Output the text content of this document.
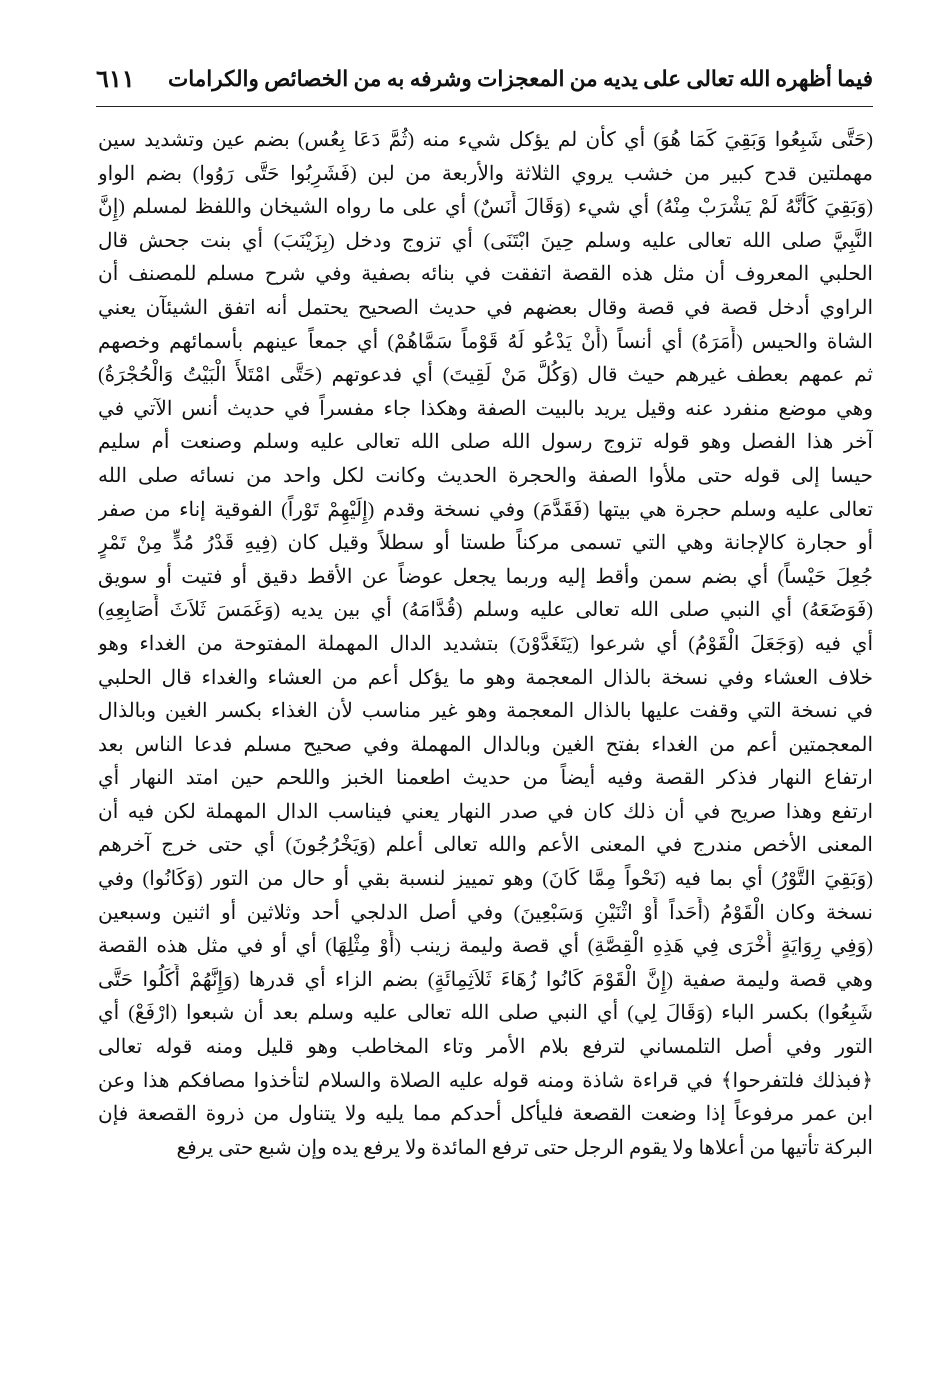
فيما أظهره الله تعالى على يديه من المعجزات وشرفه به من الخصائص والكرامات
٦١١
(حَتَّى شَبِعُوا وَبَقِيَ كَمَا هُوَ) أي كأن لم يؤكل شيء منه (ثُمَّ دَعَا بِعُس) بضم عين وتشديد سين
مهملتين قدح كبير من خشب يروي الثلاثة والأربعة من لبن (فَشَرِبُوا حَتَّى رَوُوا) بضم الواو
(وَبَقِيَ كَأَنَّهُ لَمْ يَشْرَبْ مِنْهُ) أي شيء (وَقَالَ أَنَسٌ) أي على ما رواه الشيخان واللفظ لمسلم (إِنَّ
النَّبِيَّ صلى الله تعالى عليه وسلم حِينَ ابْتَنَى) أي تزوج ودخل (بِزَيْنَبَ) أي بنت جحش قال
الحلبي المعروف أن مثل هذه القصة اتفقت في بنائه بصفية وفي شرح مسلم للمصنف أن
الراوي أدخل قصة في قصة وقال بعضهم في حديث الصحيح يحتمل أنه اتفق الشيئآن يعني
الشاة والحيس (أَمَرَهُ) أي أنساً (أَنْ يَدْعُو لَهُ قَوْماً سَمَّاهُمْ) أي جمعاً عينهم بأسمائهم وخصهم
ثم عمهم بعطف غيرهم حيث قال (وَكُلَّ مَنْ لَقِيتَ) أي فدعوتهم (حَتَّى امْتَلأَ الْبَيْتُ وَالْحُجْرَةُ)
وهي موضع منفرد عنه وقيل يريد بالبيت الصفة وهكذا جاء مفسراً في حديث أنس الآتي في
آخر هذا الفصل وهو قوله تزوج رسول الله صلى الله تعالى عليه وسلم وصنعت أم سليم
حيسا إلى قوله حتى ملأوا الصفة والحجرة الحديث وكانت لكل واحد من نسائه صلى الله
تعالى عليه وسلم حجرة هي بيتها (فَقَدَّمَ) وفي نسخة وقدم (إِلَيْهِمْ تَوْراً) الفوقية إناء من صفر
أو حجارة كالإجانة وهي التي تسمى مركناً طستا أو سطلاً وقيل كان (فِيهِ قَدْرُ مُدٍّ مِنْ تَمْرٍ
جُعِلَ حَيْساً) أي بضم سمن وأقط إليه وربما يجعل عوضاً عن الأقط دقيق أو فتيت أو سويق
(فَوَضَعَهُ) أي النبي صلى الله تعالى عليه وسلم (قُدَّامَهُ) أي بين يديه (وَغَمَسَ ثَلاَثَ أَصَابِعِهِ)
أي فيه (وَجَعَلَ الْقَوْمُ) أي شرعوا (يَتَغَدَّوْنَ) بتشديد الدال المهملة المفتوحة من الغداء وهو
خلاف العشاء وفي نسخة بالذال المعجمة وهو ما يؤكل أعم من العشاء والغداء قال الحلبي
في نسخة التي وقفت عليها بالذال المعجمة وهو غير مناسب لأن الغذاء بكسر الغين وبالذال
المعجمتين أعم من الغداء بفتح الغين وبالدال المهملة وفي صحيح مسلم فدعا الناس بعد
ارتفاع النهار فذكر القصة وفيه أيضاً من حديث اطعمنا الخبز واللحم حين امتد النهار أي
ارتفع وهذا صريح في أن ذلك كان في صدر النهار يعني فيناسب الدال المهملة لكن فيه أن
المعنى الأخص مندرج في المعنى الأعم والله تعالى أعلم (وَيَخْرُجُونَ) أي حتى خرج آخرهم
(وَبَقِيَ التَّوْرُ) أي بما فيه (نَحْواً مِمَّا كَانَ) وهو تمييز لنسبة بقي أو حال من التور (وَكَانُوا) وفي
نسخة وكان الْقَوْمُ (أَحَداً أَوْ اثْنَيْنِ وَسَبْعِينَ) وفي أصل الدلجي أحد وثلاثين أو اثنين وسبعين
(وَفِي رِوَايَةٍ أُخْرَى فِي هَذِهِ الْقِصَّةِ) أي قصة وليمة زينب (أَوْ مِثْلِهَا) أي أو في مثل هذه القصة
وهي قصة وليمة صفية (إِنَّ الْقَوْمَ كَانُوا زُهَاءَ ثَلاَثِمِائَةٍ) بضم الزاء أي قدرها (وَإِنَّهُمْ أَكَلُوا حَتَّى
شَبِعُوا) بكسر الباء (وَقَالَ لِي) أي النبي صلى الله تعالى عليه وسلم بعد أن شبعوا (ارْفَعْ) أي
التور وفي أصل التلمساني لترفع بلام الأمر وتاء المخاطب وهو قليل ومنه قوله تعالى
﴿فبذلك فلتفرحوا﴾ في قراءة شاذة ومنه قوله عليه الصلاة والسلام لتأخذوا مصافكم هذا وعن
ابن عمر مرفوعاً إذا وضعت القصعة فليأكل أحدكم مما يليه ولا يتناول من ذروة القصعة فإن
البركة تأتيها من أعلاها ولا يقوم الرجل حتى ترفع المائدة ولا يرفع يده وإن شبع حتى يرفع
